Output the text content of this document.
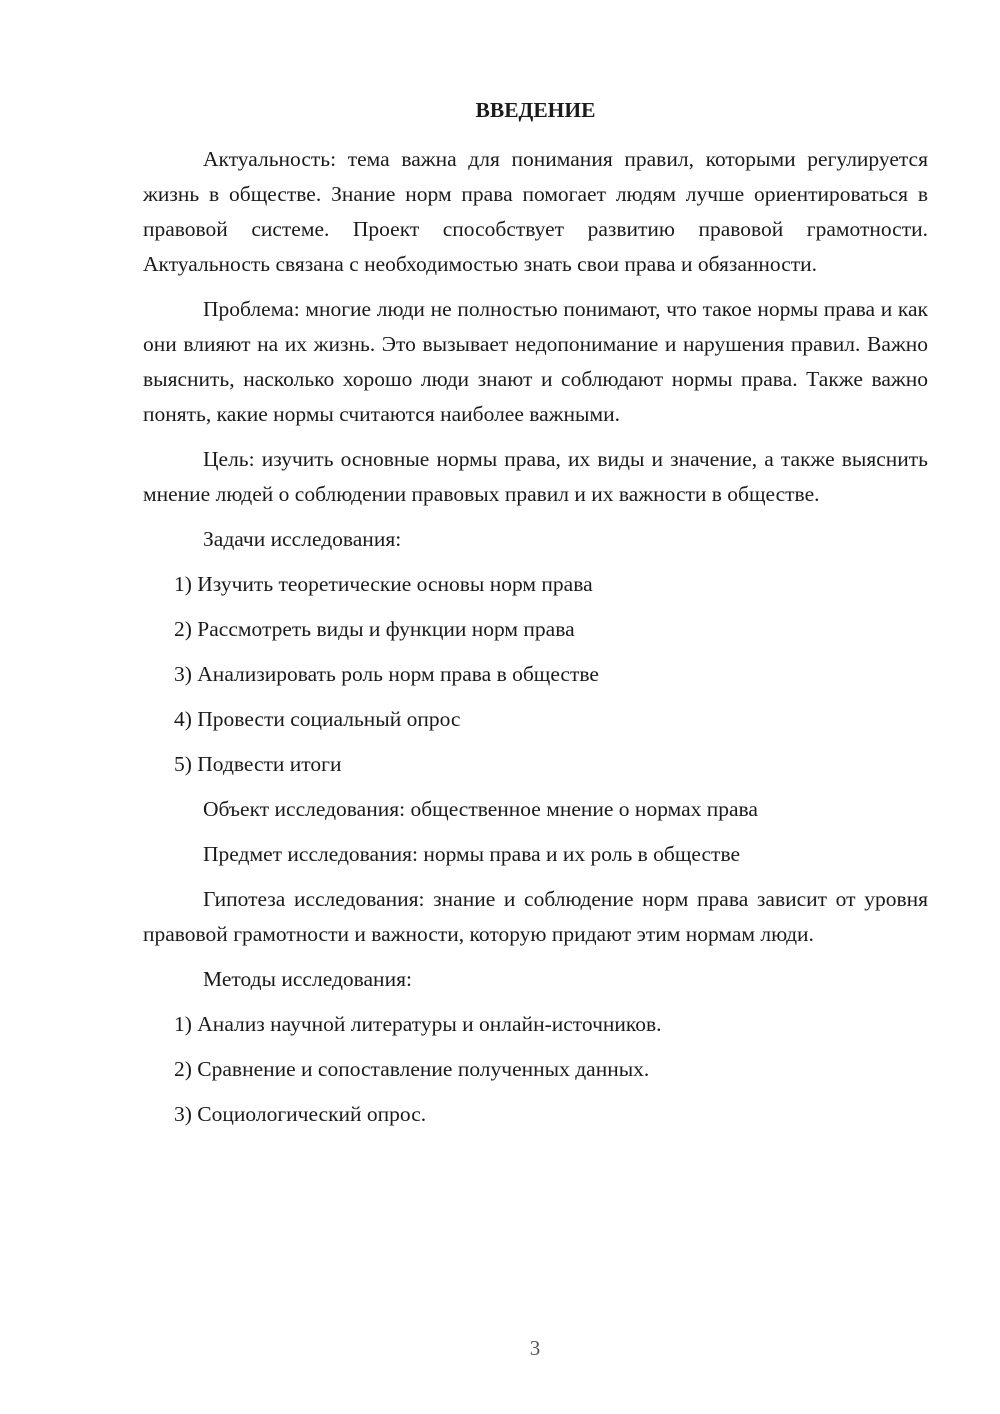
ВВЕДЕНИЕ

Актуальность: тема важна для понимания правил, которыми регулируется жизнь в обществе. Знание норм права помогает людям лучше ориентироваться в правовой системе. Проект способствует развитию правовой грамотности. Актуальность связана с необходимостью знать свои права и обязанности.

Проблема: многие люди не полностью понимают, что такое нормы права и как они влияют на их жизнь. Это вызывает недопонимание и нарушения правил. Важно выяснить, насколько хорошо люди знают и соблюдают нормы права. Также важно понять, какие нормы считаются наиболее важными.

Цель: изучить основные нормы права, их виды и значение, а также выяснить мнение людей о соблюдении правовых правил и их важности в обществе.

Задачи исследования:

1) Изучить теоретические основы норм права
2) Рассмотреть виды и функции норм права
3) Анализировать роль норм права в обществе
4) Провести социальный опрос
5) Подвести итоги

Объект исследования: общественное мнение о нормах права

Предмет исследования: нормы права и их роль в обществе

Гипотеза исследования: знание и соблюдение норм права зависит от уровня правовой грамотности и важности, которую придают этим нормам люди.

Методы исследования:

1) Анализ научной литературы и онлайн-источников.
2) Сравнение и сопоставление полученных данных.
3) Социологический опрос.
3
